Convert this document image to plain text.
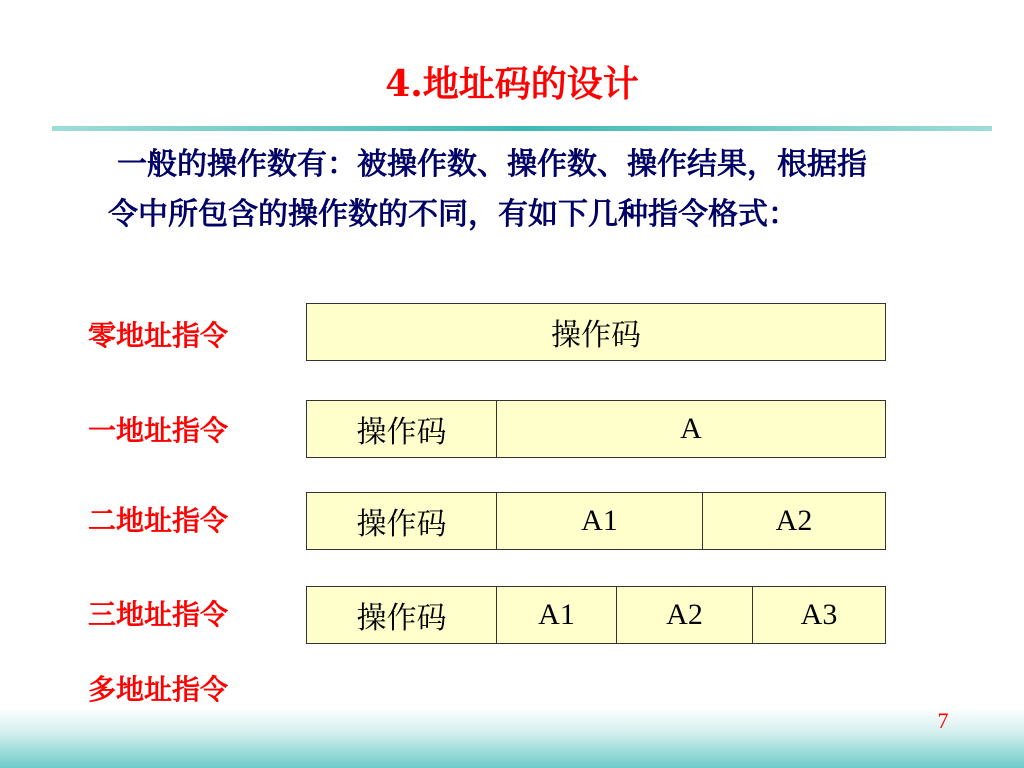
4.地址码的设计

一般的操作数有：被操作数、操作数、操作结果，根据指令中所包含的操作数的不同，有如下几种指令格式：

零地址指令	操作码
一地址指令	操作码	A
二地址指令	操作码	A1	A2
三地址指令	操作码	A1	A2	A3
多地址指令
7
